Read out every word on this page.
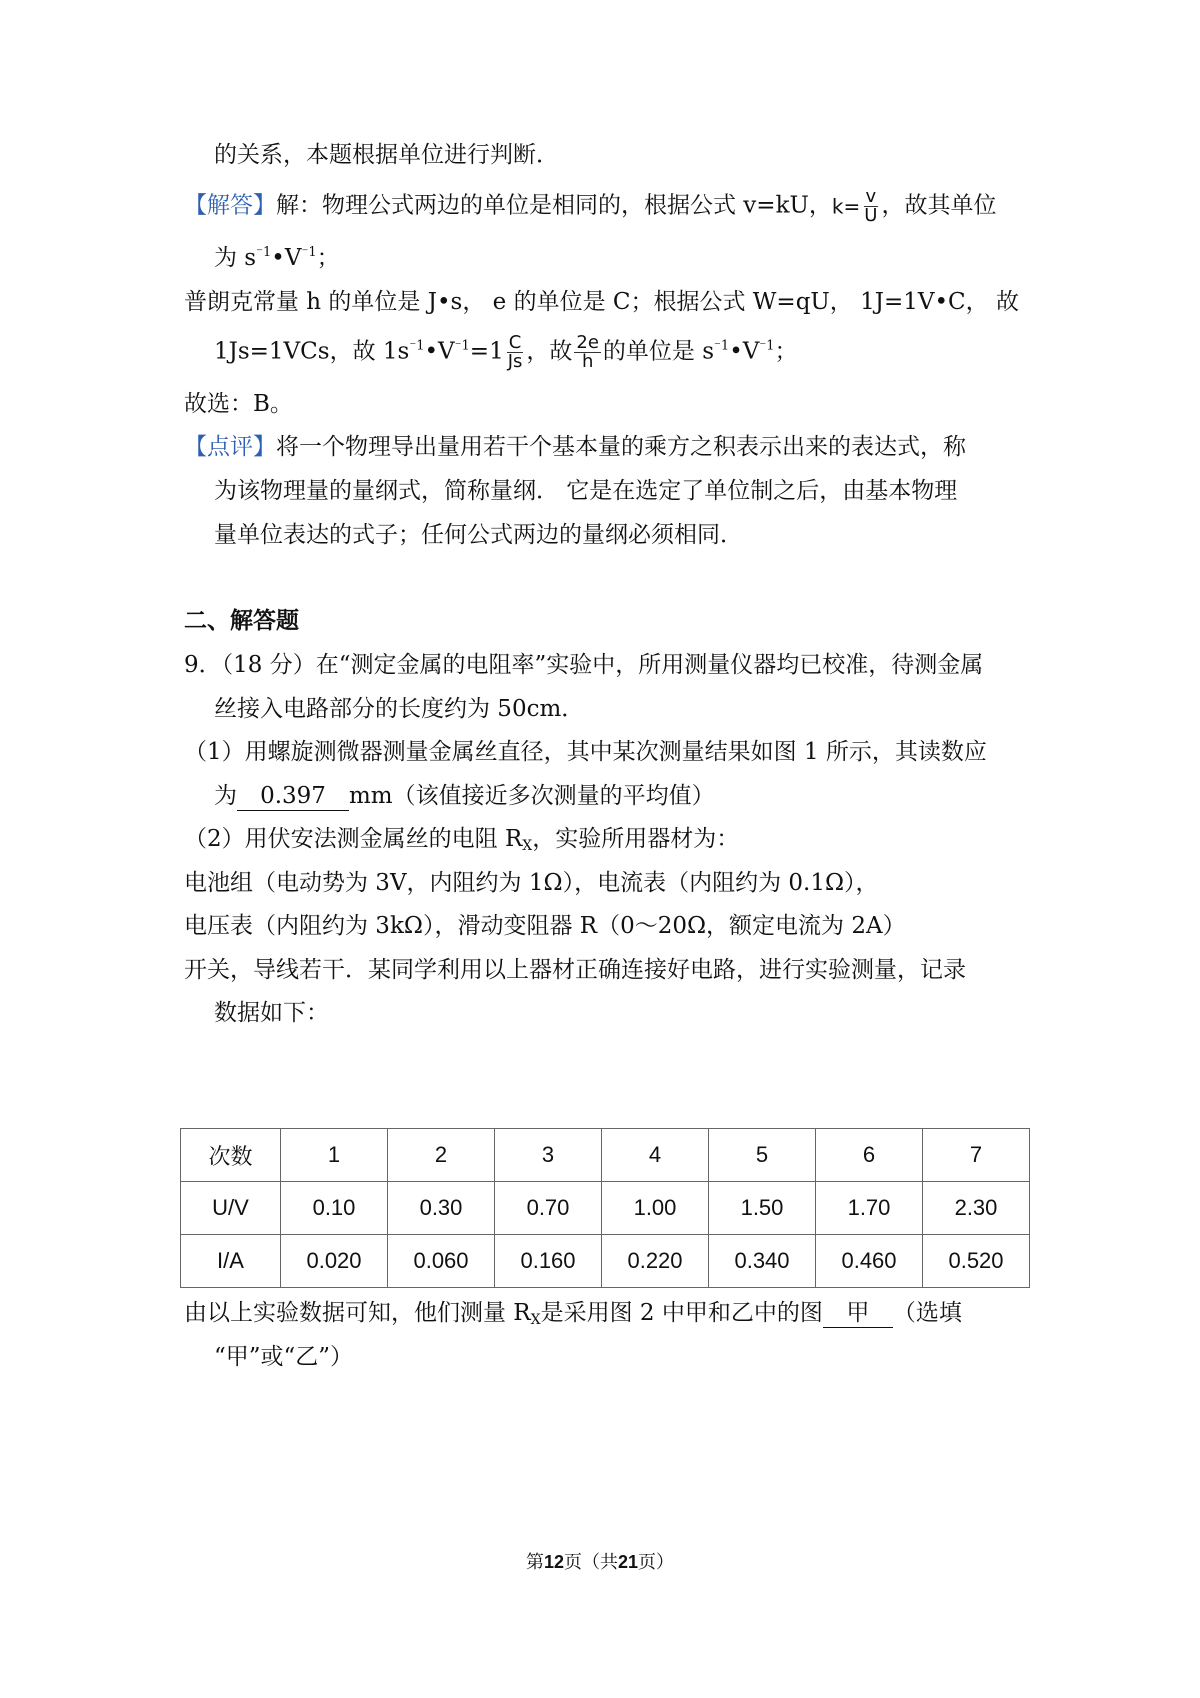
的关系，本题根据单位进行判断．
【解答】解：物理公式两边的单位是相同的，根据公式 v=kU，$k= \frac{v}{U}$ ，故其单位
为 $s^{^-1}•V^{^-1}$；
普朗克常量 h 的单位是 J•s， e 的单位是 C；根据公式 W=qU， 1J=1V•C， 故
1Js=1VCs，故 $1s^{^-1}•V^{^-1}=1 \frac{C}{Js}$ ，故 $\frac{2e}{h}$ 的单位是 $s^{^-1}•V^{^-1}$；
故选：B。
【点评】将一个物理导出量用若干个基本量的乘方之积表示出来的表达式，称
为该物理量的量纲式，简称量纲． 它是在选定了单位制之后，由基本物理
量单位表达的式子；任何公式两边的量纲必须相同．
二、解答题
9．（18 分）在“测定金属的电阻率”实验中，所用测量仪器均已校准，待测金属
丝接入电路部分的长度约为 50cm．
（1）用螺旋测微器测量金属丝直径，其中某次测量结果如图 1 所示，其读数应
为 0.397 mm（该值接近多次测量的平均值）
（2）用伏安法测金属丝的电阻 $R_X$，实验所用器材为：
电池组（电动势为 3V，内阻约为 1Ω），电流表（内阻约为 0.1Ω），
电压表（内阻约为 3kΩ），滑动变阻器 R（0～20Ω，额定电流为 2A）
开关，导线若干．某同学利用以上器材正确连接好电路，进行实验测量，记录
数据如下：
次数	1	2	3	4	5	6	7
U/V	0.10	0.30	0.70	1.00	1.50	1.70	2.30
I/A	0.020	0.060	0.160	0.220	0.340	0.460	0.520
由以上实验数据可知，他们测量 $R_X$是采用图 2 中甲和乙中的图 甲 （选填
“甲”或“乙”）
第12页（共21页）
